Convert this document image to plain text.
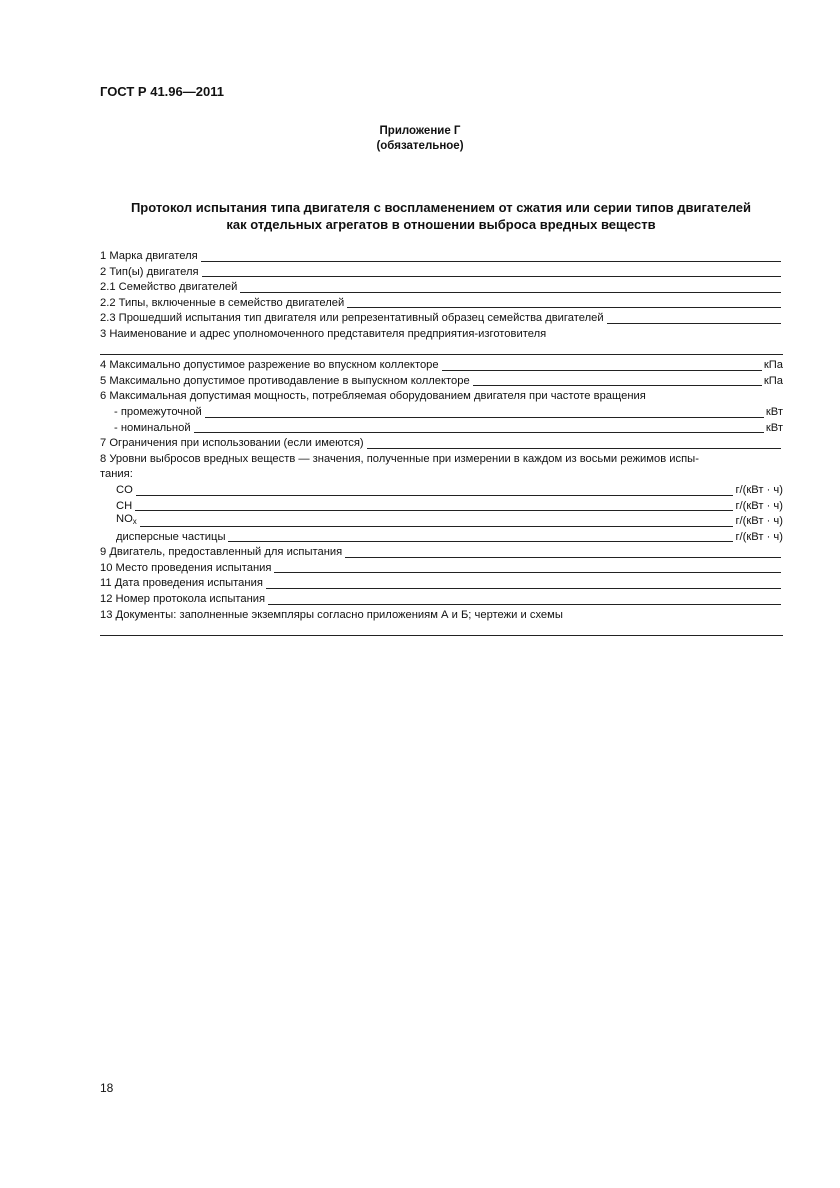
ГОСТ Р 41.96—2011
Приложение Г
(обязательное)
Протокол испытания типа двигателя с воспламенением от сжатия или серии типов двигателей
как отдельных агрегатов в отношении выброса вредных веществ
1 Марка двигателя
2 Тип(ы) двигателя
2.1 Семейство двигателей
2.2 Типы, включенные в семейство двигателей
2.3 Прошедший испытания тип двигателя или репрезентативный образец семейства двигателей
3 Наименование и адрес уполномоченного представителя предприятия-изготовителя
4 Максимально допустимое разрежение во впускном коллекторе	кПа
5 Максимально допустимое противодавление в выпускном коллекторе	кПа
6 Максимальная допустимая мощность, потребляемая оборудованием двигателя при частоте вращения
- промежуточной	кВт
- номинальной	кВт
7 Ограничения при использовании (если имеются)
8 Уровни выбросов вредных веществ — значения, полученные при измерении в каждом из восьми режимов испы-
тания:
CO	г/(кВт · ч)
CH	г/(кВт · ч)
$NO_x$	г/(кВт · ч)
дисперсные частицы	г/(кВт · ч)
9 Двигатель, предоставленный для испытания
10 Место проведения испытания
11 Дата проведения испытания
12 Номер протокола испытания
13 Документы: заполненные экземпляры согласно приложениям А и Б; чертежи и схемы
18
